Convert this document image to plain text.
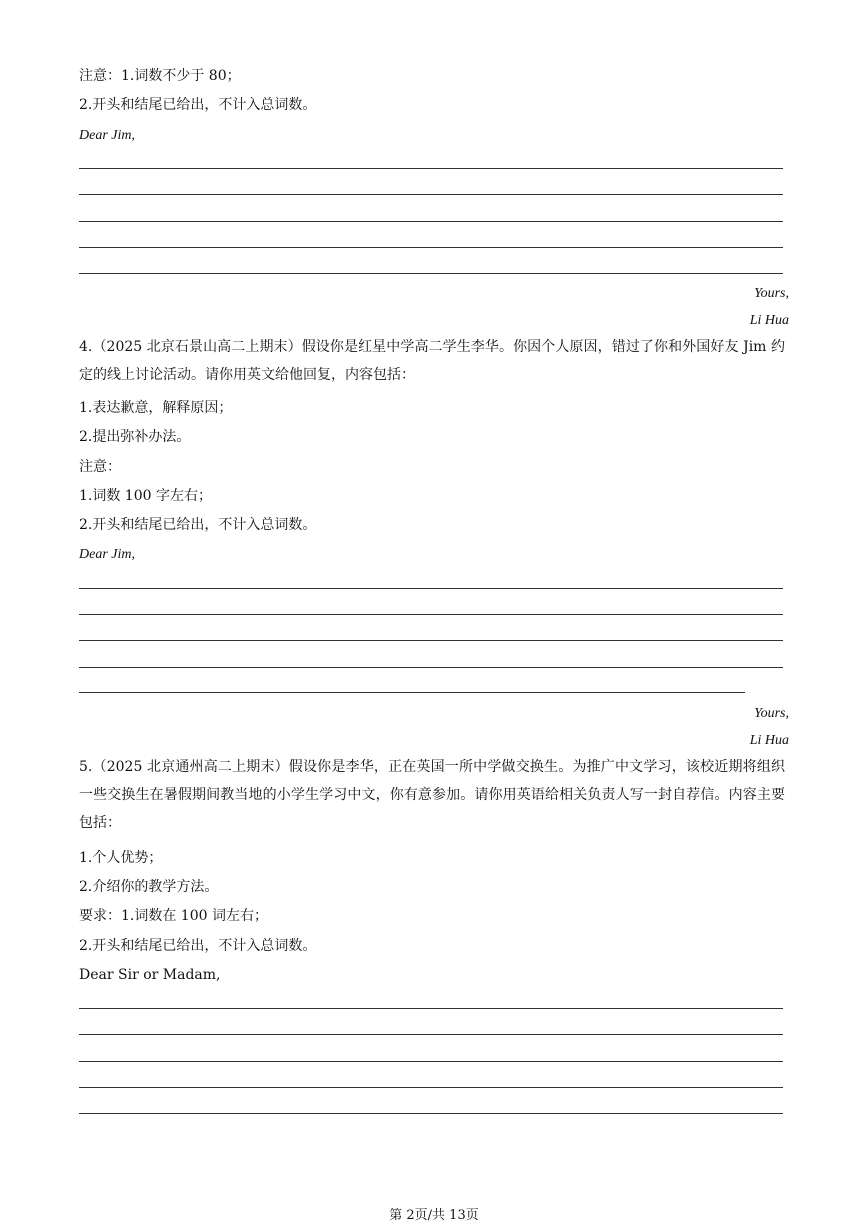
注意：1.词数不少于 80；
2.开头和结尾已给出，不计入总词数。
Dear Jim,
Yours,
Li Hua
4.（2025 北京石景山高二上期末）假设你是红星中学高二学生李华。你因个人原因，错过了你和外国好友 Jim 约定的线上讨论活动。请你用英文给他回复，内容包括：
1.表达歉意，解释原因；
2.提出弥补办法。
注意：
1.词数 100 字左右；
2.开头和结尾已给出，不计入总词数。
Dear Jim,
Yours,
Li Hua
5.（2025 北京通州高二上期末）假设你是李华，正在英国一所中学做交换生。为推广中文学习，该校近期将组织一些交换生在暑假期间教当地的小学生学习中文，你有意参加。请你用英语给相关负责人写一封自荐信。内容主要包括：
1.个人优势；
2.介绍你的教学方法。
要求：1.词数在 100 词左右；
2.开头和结尾已给出，不计入总词数。
Dear Sir or Madam,
第 2页/共 13页
